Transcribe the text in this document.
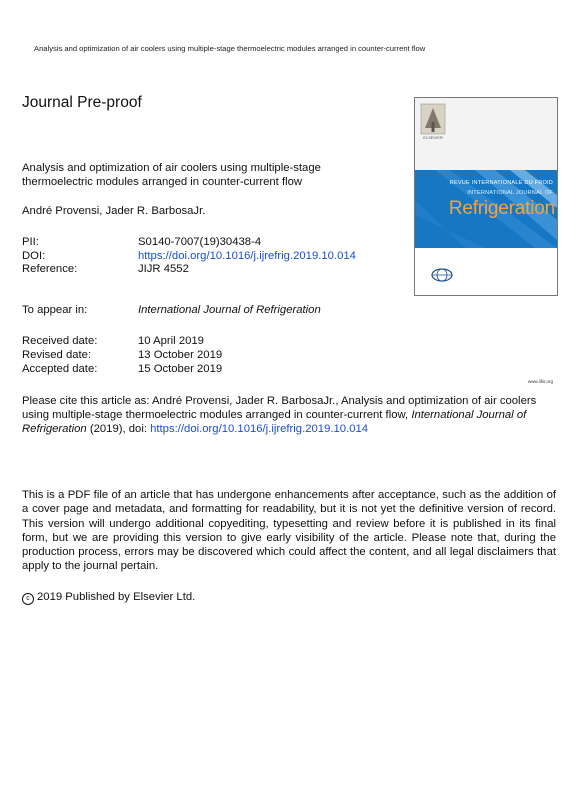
Analysis and optimization of air coolers using multiple-stage thermoelectric modules arranged in counter-current flow
Journal Pre-proof
Analysis and optimization of air coolers using multiple-stage thermoelectric modules arranged in counter-current flow
André Provensi, Jader R. BarbosaJr.
PII:	S0140-7007(19)30438-4
DOI:	https://doi.org/10.1016/j.ijrefrig.2019.10.014
Reference:	JIJR 4552
To appear in:	International Journal of Refrigeration
Received date:	10 April 2019
Revised date:	13 October 2019
Accepted date:	15 October 2019
Please cite this article as: André Provensi, Jader R. BarbosaJr., Analysis and optimization of air coolers using multiple-stage thermoelectric modules arranged in counter-current flow, International Journal of Refrigeration (2019), doi: https://doi.org/10.1016/j.ijrefrig.2019.10.014
This is a PDF file of an article that has undergone enhancements after acceptance, such as the addition of a cover page and metadata, and formatting for readability, but it is not yet the definitive version of record. This version will undergo additional copyediting, typesetting and review before it is published in its final form, but we are providing this version to give early visibility of the article. Please note that, during the production process, errors may be discovered which could affect the content, and all legal disclaimers that apply to the journal pertain.
c 2019 Published by Elsevier Ltd.
ELSEVIER
REVUE INTERNATIONALE DU FROID
INTERNATIONAL JOURNAL OF
Refrigeration
www.iifiir.org
